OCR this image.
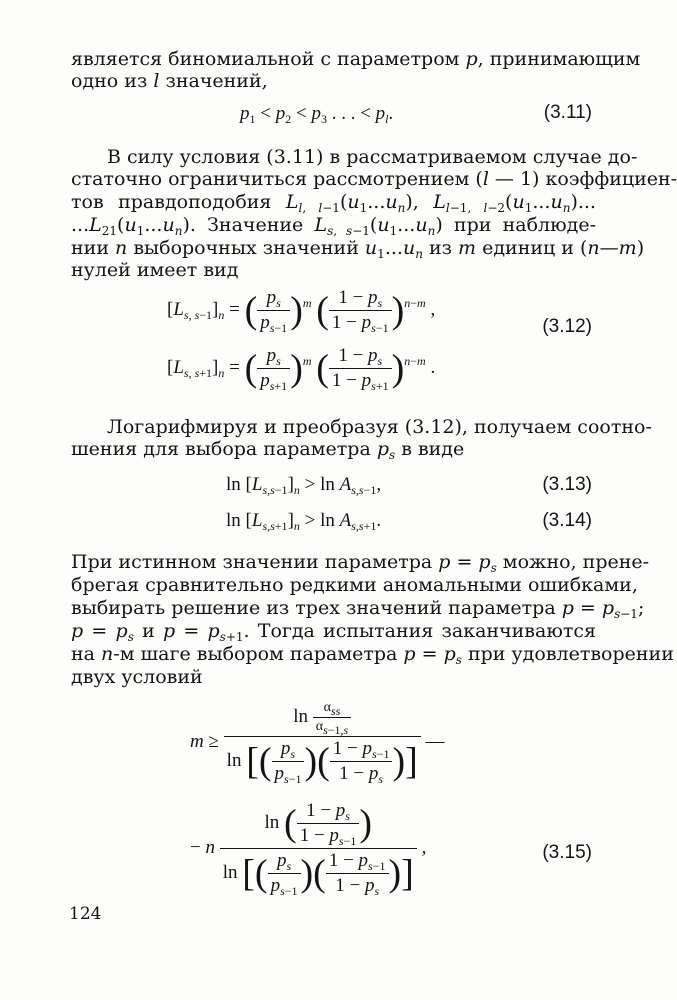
является биномиальной с параметром p, принимающим
одно из l значений,
$p_1 < p_2 < p_3$ . . . < $p_l$.	(3.11)
В силу условия (3.11) в рассматриваемом случае до-
статочно ограничиться рассмотрением (l — 1) коэффициен-
тов правдоподобия $L_{l, l-1}(u_1...u_n)$, $L_{l-1, l-2}(u_1...u_n)$...
$...L_{21}(u_1...u_n)$. Значение $L_{s, s-1}(u_1...u_n)$ при наблюде-
нии n выборочных значений $u_1...u_n$ из m единиц и (n—m)
нулей имеет вид
$[L_{s, s-1}]_n$ = ( $\frac{p_s}{p_{s-1}} )^m$ ( $\frac{1 - p_s}{1 - p_{s-1}} )^{n-m}$ ,
(3.12)
$[L_{s, s+1}]_n$ = ( $\frac{p_s}{p_{s+1}} )^m$ ( $\frac{1 - p_s}{1 - p_{s+1}} )^{n-m}$ .
Логарифмируя и преобразуя (3.12), получаем соотно-
шения для выбора параметра $p_s$ в виде
$\ln [L_{s,s-1}]_n > \ln A_{s,s-1}$,	(3.13)
$\ln [L_{s,s+1}]_n > \ln A_{s,s+1}$.	(3.14)
При истинном значении параметра $p = p_s$ можно, прене-
брегая сравнительно редкими аномальными ошибками,
выбирать решение из трех значений параметра $p = p_{s-1}$;
$p = p_s$ и $p = p_{s+1}$. Тогда испытания заканчиваются
на n-м шаге выбором параметра $p = p_s$ при удовлетворении
двух условий
$m \ge \frac{\ln \frac{\alpha_{ss}}{\alpha_{s-1,s}}}{\ln [( \frac{p_s}{p_{s-1}} )( \frac{1 - p_{s-1}}{1 - p_s} )]}$ —
− n $\frac{\ln ( \frac{1 - p_s}{1 - p_{s-1}} )}{\ln [( \frac{p_s}{p_{s-1}} )( \frac{1 - p_{s-1}}{1 - p_s} )]}$ ,	(3.15)
124
